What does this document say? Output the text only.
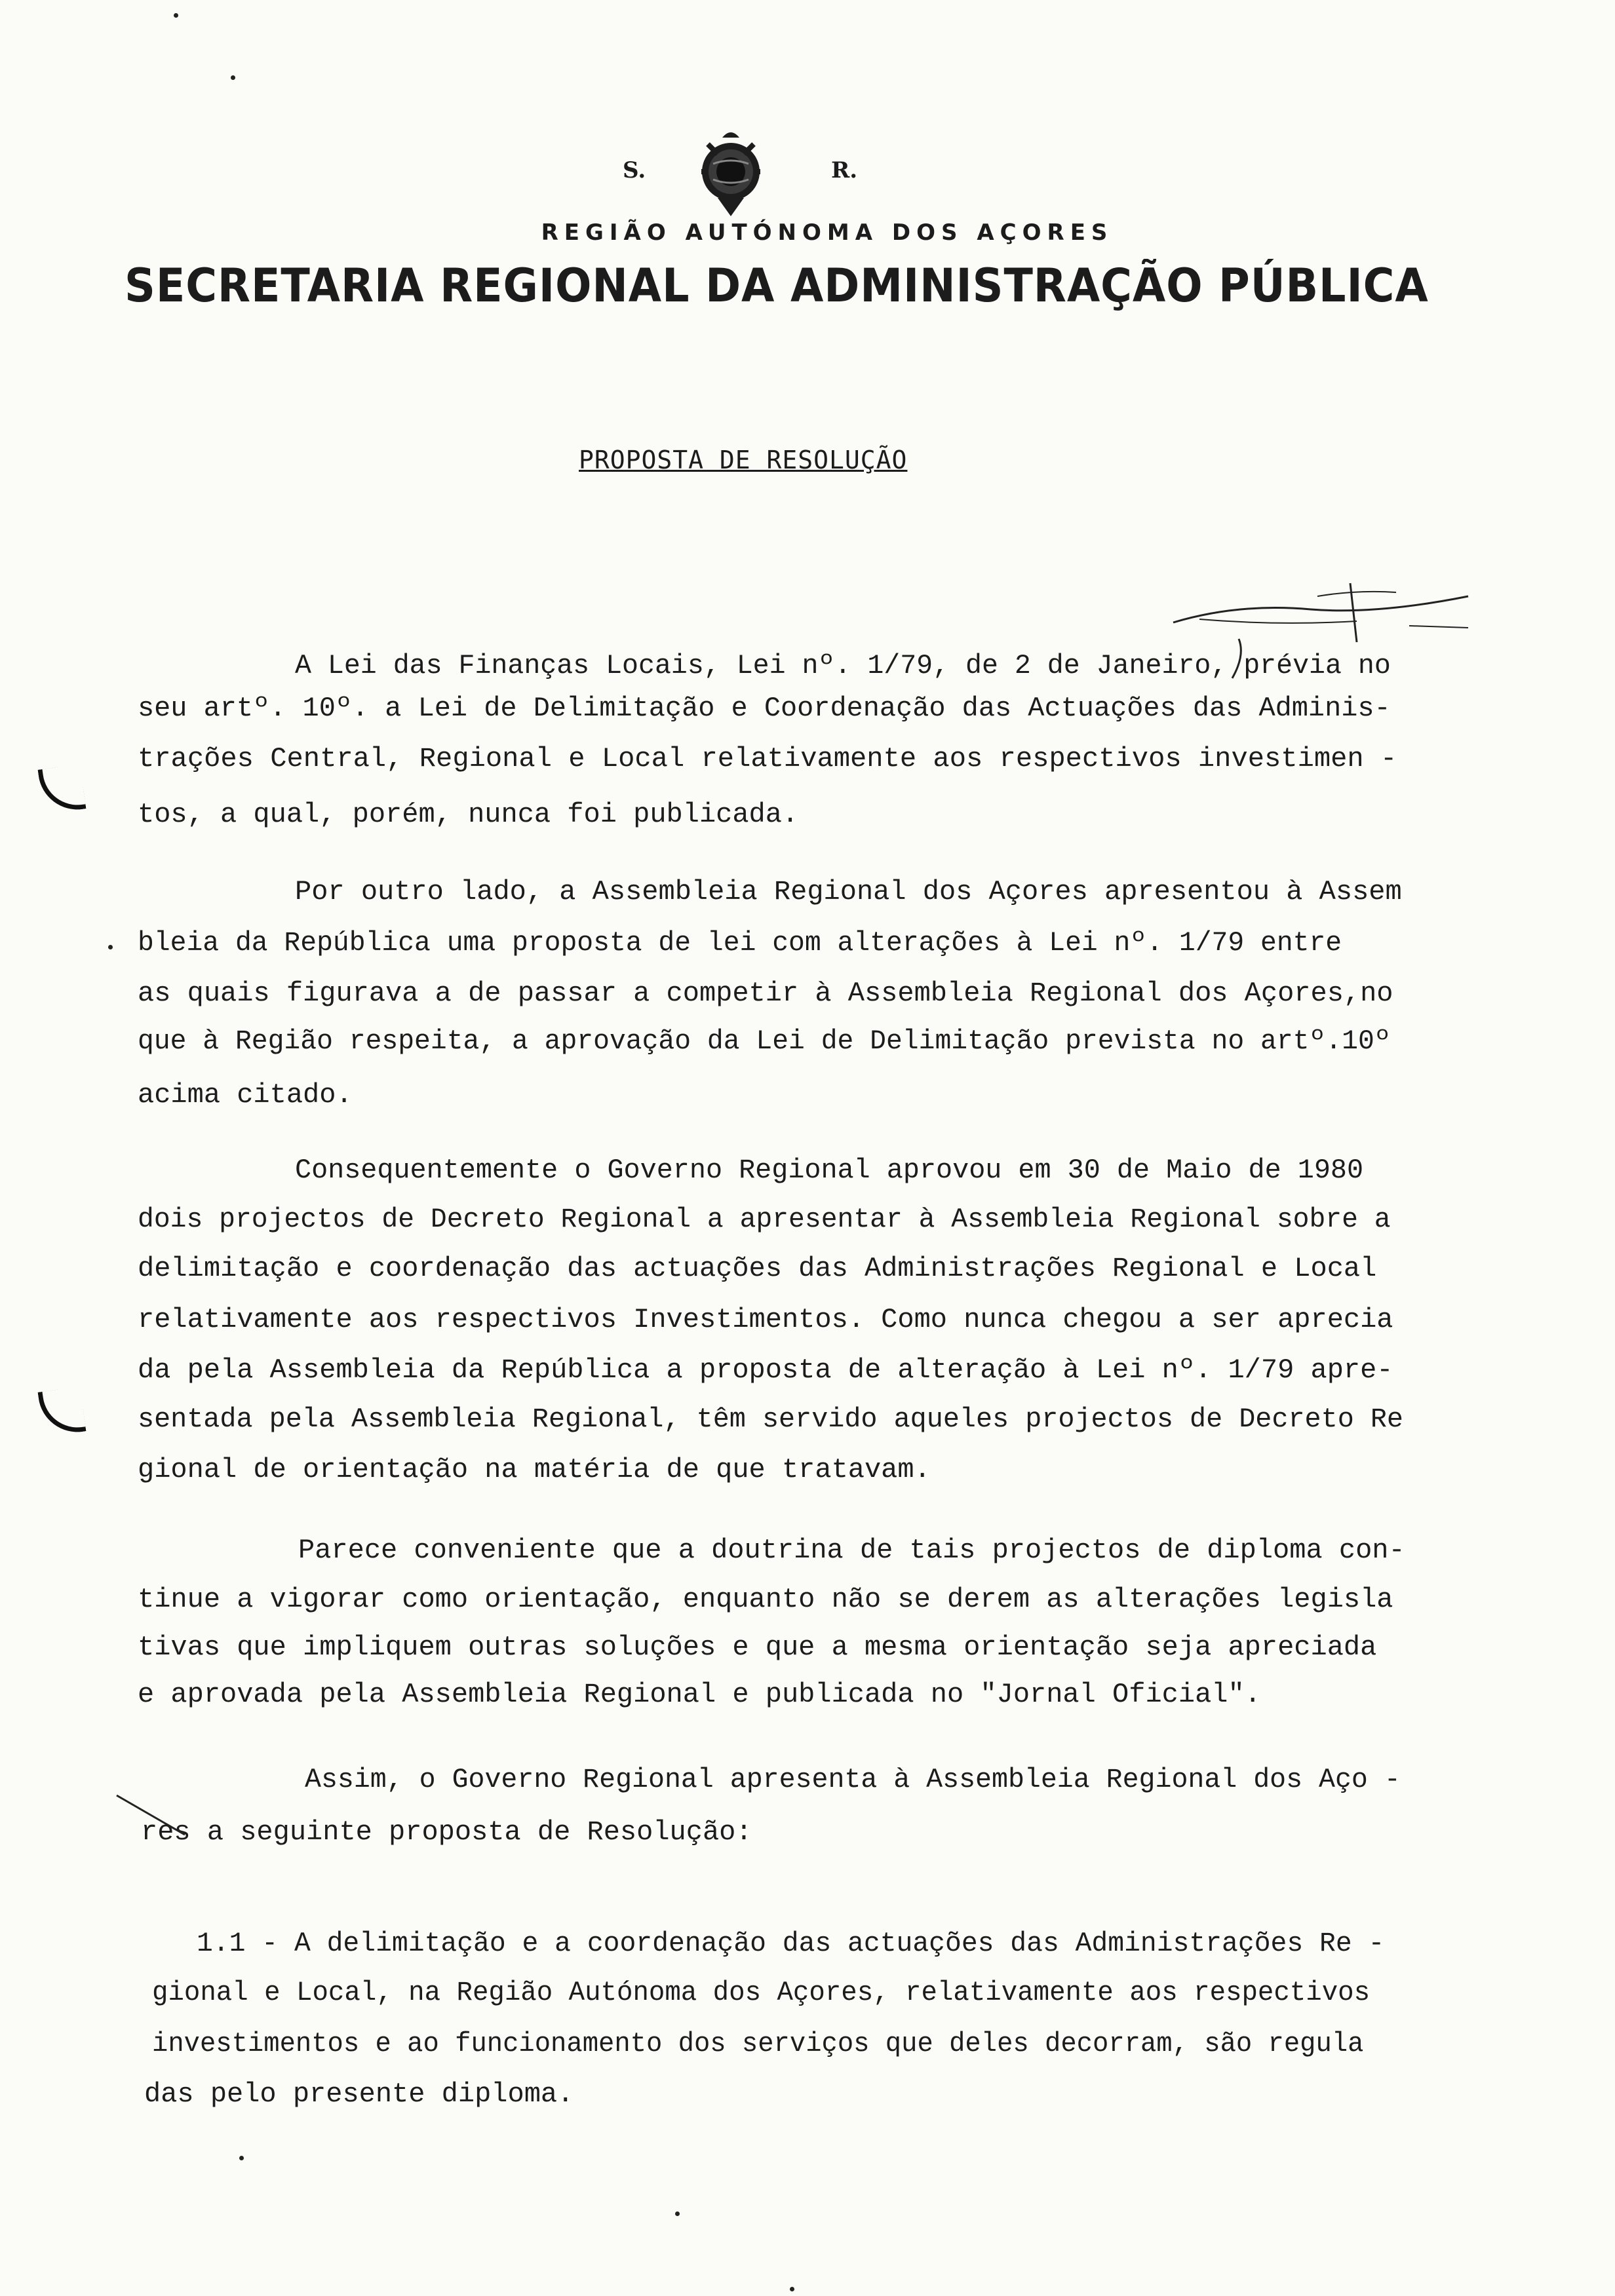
S.	R.
REGIÃO AUTÓNOMA DOS AÇORES
SECRETARIA REGIONAL DA ADMINISTRAÇÃO PÚBLICA
PROPOSTA DE RESOLUÇÃO
A Lei das Finanças Locais, Lei nº. 1/79, de 2 de Janeiro, prévia no
seu artº. 10º. a Lei de Delimitação e Coordenação das Actuações das Adminis-
trações Central, Regional e Local relativamente aos respectivos investimen -
tos, a qual, porém, nunca foi publicada.
Por outro lado, a Assembleia Regional dos Açores apresentou à Assem
bleia da República uma proposta de lei com alterações à Lei nº. 1/79 entre
as quais figurava a de passar a competir à Assembleia Regional dos Açores,no
que à Região respeita, a aprovação da Lei de Delimitação prevista no artº.10º
acima citado.
Consequentemente o Governo Regional aprovou em 30 de Maio de 1980
dois projectos de Decreto Regional a apresentar à Assembleia Regional sobre a
delimitação e coordenação das actuações das Administrações Regional e Local
relativamente aos respectivos Investimentos. Como nunca chegou a ser aprecia
da pela Assembleia da República a proposta de alteração à Lei nº. 1/79 apre-
sentada pela Assembleia Regional, têm servido aqueles projectos de Decreto Re
gional de orientação na matéria de que tratavam.
Parece conveniente que a doutrina de tais projectos de diploma con-
tinue a vigorar como orientação, enquanto não se derem as alterações legisla
tivas que impliquem outras soluções e que a mesma orientação seja apreciada
e aprovada pela Assembleia Regional e publicada no "Jornal Oficial".
Assim, o Governo Regional apresenta à Assembleia Regional dos Aço -
res a seguinte proposta de Resolução:
1.1 - A delimitação e a coordenação das actuações das Administrações Re -
gional e Local, na Região Autónoma dos Açores, relativamente aos respectivos
investimentos e ao funcionamento dos serviços que deles decorram, são regula
das pelo presente diploma.
